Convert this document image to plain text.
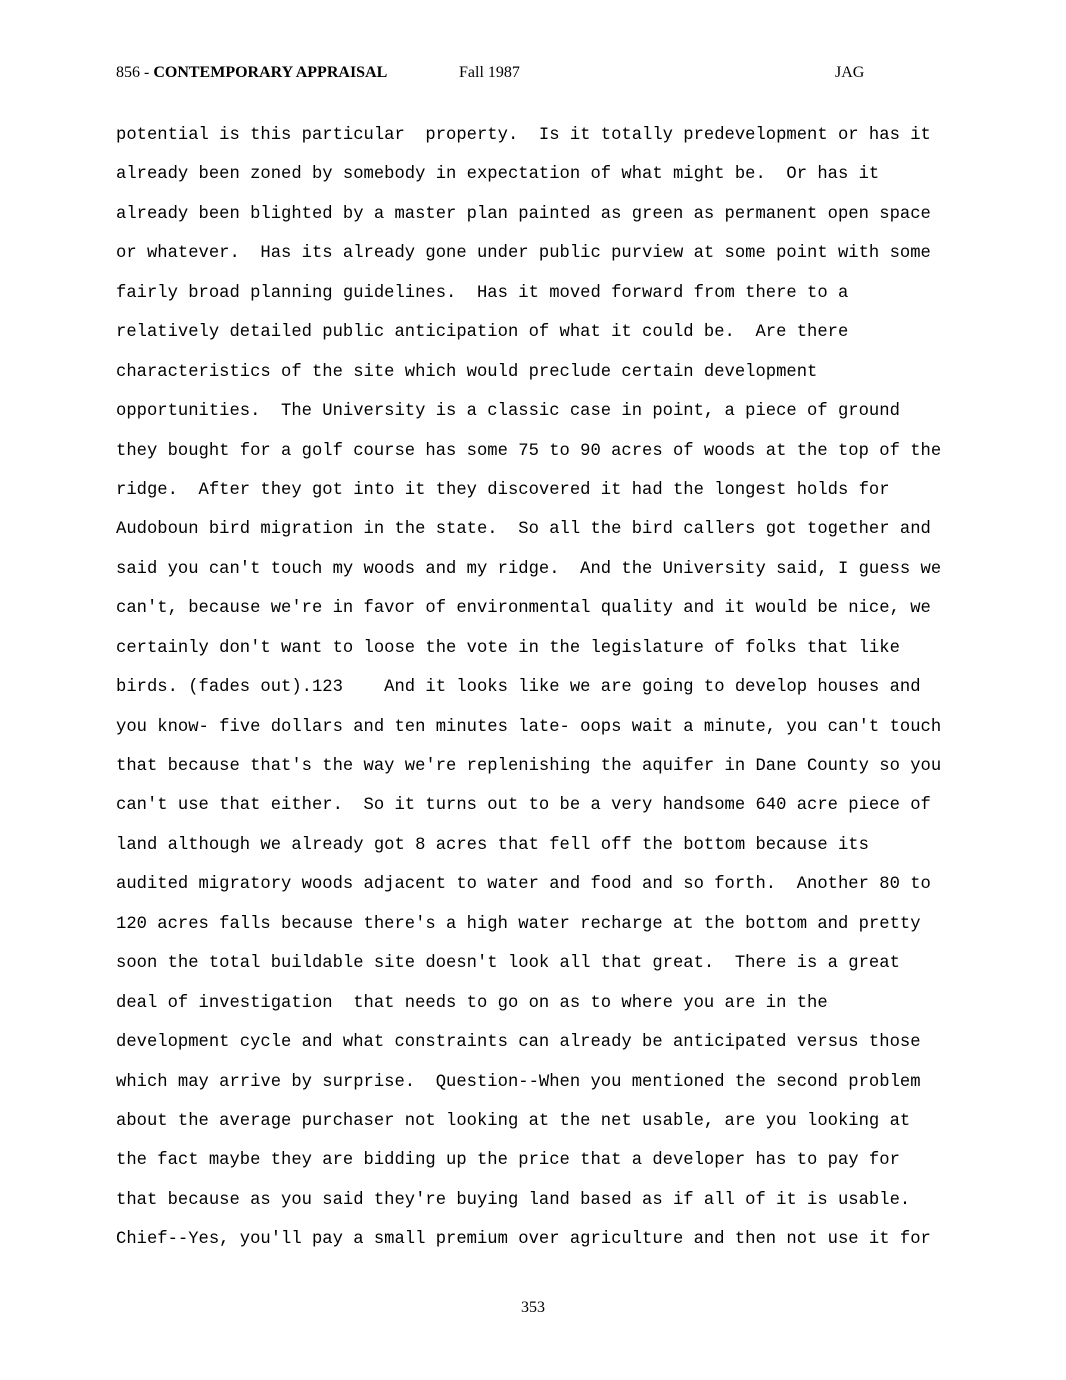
856 - CONTEMPORARY APPRAISAL	Fall 1987	JAG
potential is this particular  property.  Is it totally predevelopment or has it
already been zoned by somebody in expectation of what might be.  Or has it
already been blighted by a master plan painted as green as permanent open space
or whatever.  Has its already gone under public purview at some point with some
fairly broad planning guidelines.  Has it moved forward from there to a
relatively detailed public anticipation of what it could be.  Are there
characteristics of the site which would preclude certain development
opportunities.  The University is a classic case in point, a piece of ground
they bought for a golf course has some 75 to 90 acres of woods at the top of the
ridge.  After they got into it they discovered it had the longest holds for
Audoboun bird migration in the state.  So all the bird callers got together and
said you can't touch my woods and my ridge.  And the University said, I guess we
can't, because we're in favor of environmental quality and it would be nice, we
certainly don't want to loose the vote in the legislature of folks that like
birds. (fades out).123    And it looks like we are going to develop houses and
you know- five dollars and ten minutes late- oops wait a minute, you can't touch
that because that's the way we're replenishing the aquifer in Dane County so you
can't use that either.  So it turns out to be a very handsome 640 acre piece of
land although we already got 8 acres that fell off the bottom because its
audited migratory woods adjacent to water and food and so forth.  Another 80 to
120 acres falls because there's a high water recharge at the bottom and pretty
soon the total buildable site doesn't look all that great.  There is a great
deal of investigation  that needs to go on as to where you are in the
development cycle and what constraints can already be anticipated versus those
which may arrive by surprise.  Question--When you mentioned the second problem
about the average purchaser not looking at the net usable, are you looking at
the fact maybe they are bidding up the price that a developer has to pay for
that because as you said they're buying land based as if all of it is usable.
Chief--Yes, you'll pay a small premium over agriculture and then not use it for
353
